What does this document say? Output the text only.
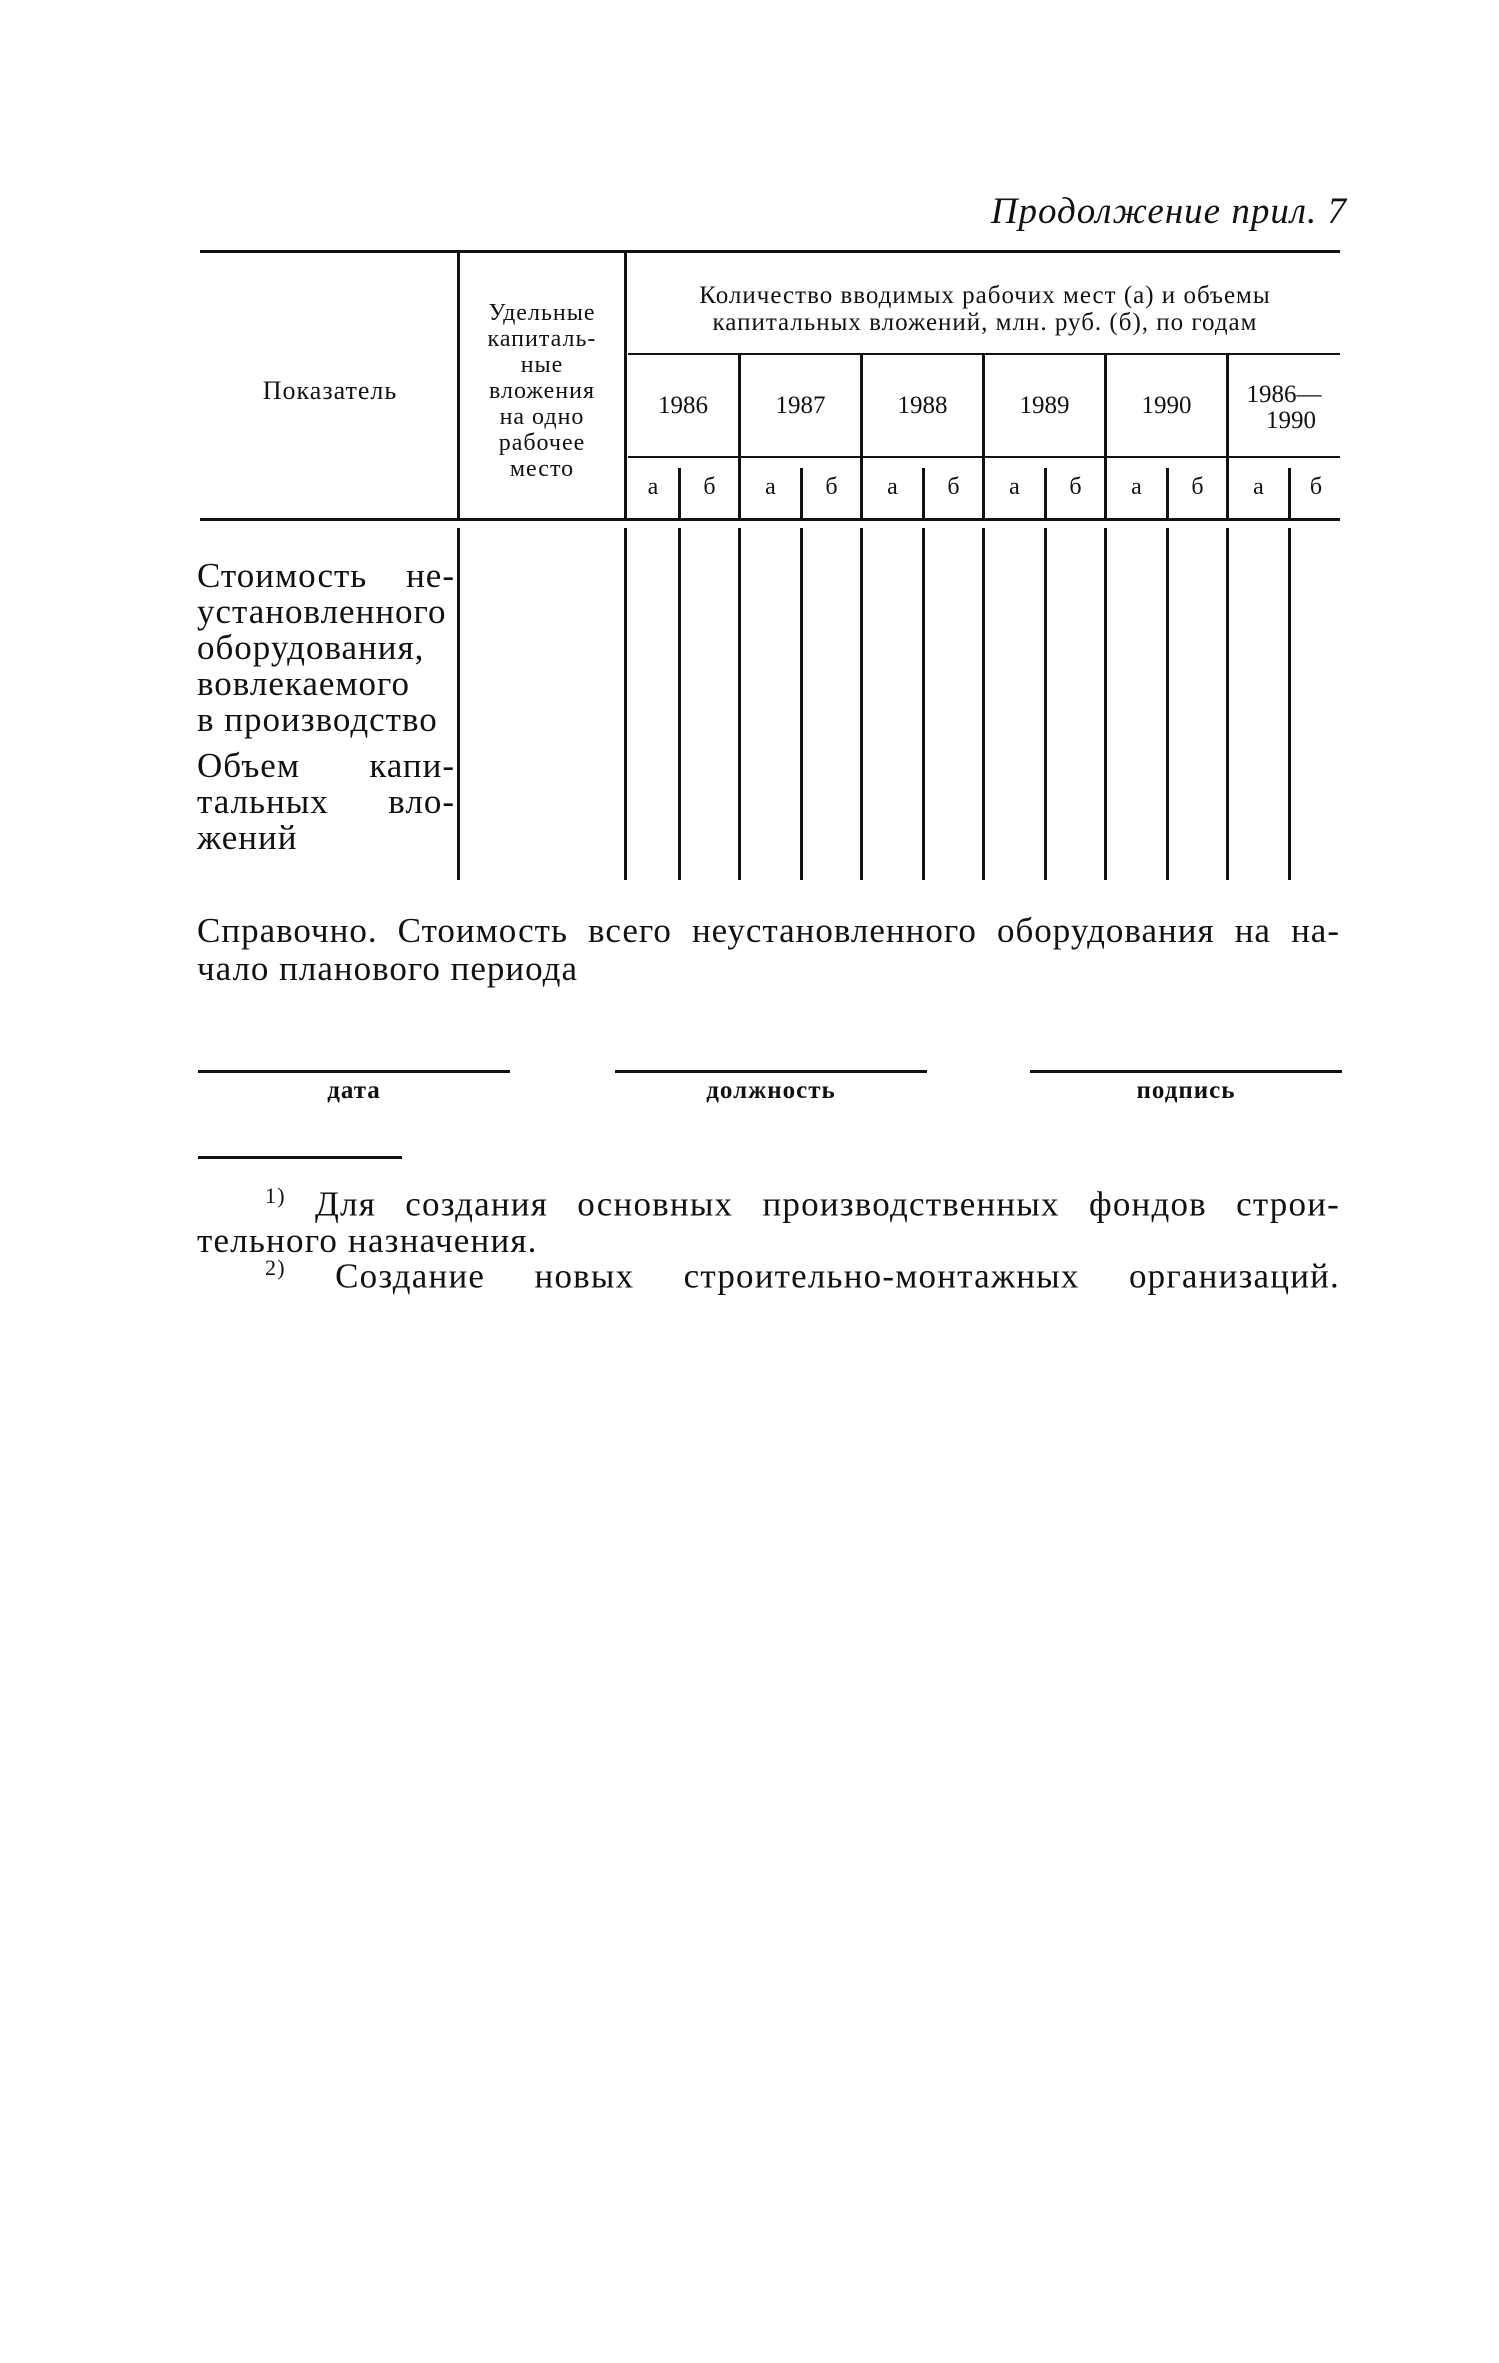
Продолжение прил. 7
Показатель
Удельные
капиталь-
ные
вложения
на одно
рабочее
место
Количество вводимых рабочих мест (а) и объемы
капитальных вложений, млн. руб. (б), по годам
1986	1987	1988	1989	1990	1986—
1990
а	б	а	б	а	б	а	б	а	б	а	б
Стоимость не-
установленного
оборудования,
вовлекаемого
в производство
Объем капи-
тальных вло-
жений
Справочно. Стоимость всего неустановленного оборудования на на-
чало планового периода
дата	должность	подпись
$^{1)}$ Для создания основных производственных фондов строи-
тельного назначения.
$^{2)}$ Создание новых строительно-монтажных организаций.
